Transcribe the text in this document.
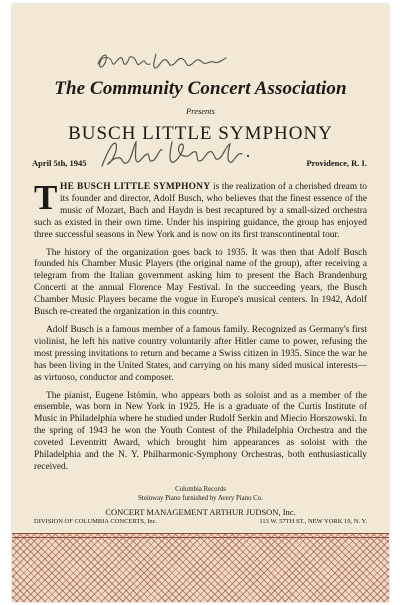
The Community Concert Association
Presents
BUSCH LITTLE SYMPHONY
April 5th, 1945	Providence, R. I.

THE BUSCH LITTLE SYMPHONY is the realization of a cherished dream to its founder and director, Adolf Busch, who believes that the finest essence of the music of Mozart, Bach and Haydn is best recaptured by a small-sized orchestra such as existed in their own time. Under his inspiring guidance, the group has enjoyed three successful seasons in New York and is now on its first transcontinental tour.

The history of the organization goes back to 1935. It was then that Adolf Busch founded his Chamber Music Players (the original name of the group), after receiving a telegram from the Italian government asking him to present the Bach Brandenburg Concerti at the annual Florence May Festival. In the succeeding years, the Busch Chamber Music Players became the vogue in Europe's musical centers. In 1942, Adolf Busch re-created the organization in this country.

Adolf Busch is a famous member of a famous family. Recognized as Germany's first violinist, he left his native country voluntarily after Hitler came to power, refusing the most pressing invitations to return and became a Swiss citizen in 1935. Since the war he has been living in the United States, and carrying on his many sided musical interests—as virtuoso, conductor and composer.

The pianist, Eugene Istómin, who appears both as soloist and as a member of the ensemble, was born in New York in 1925. He is a graduate of the Curtis Institute of Music in Philadelphia where he studied under Rudolf Serkin and Miecio Horszowski. In the spring of 1943 he won the Youth Contest of the Philadelphia Orchestra and the coveted Leventritt Award, which brought him appearances as soloist with the Philadelphia and the N. Y. Philharmonic-Symphony Orchestras, both enthusiastically received.

Columbia Records
Steinway Piano furnished by Avery Piano Co.
CONCERT MANAGEMENT ARTHUR JUDSON, Inc.
DIVISION OF COLUMBIA CONCERTS, Inc.	113 W. 57TH ST., NEW YORK 19, N. Y.
